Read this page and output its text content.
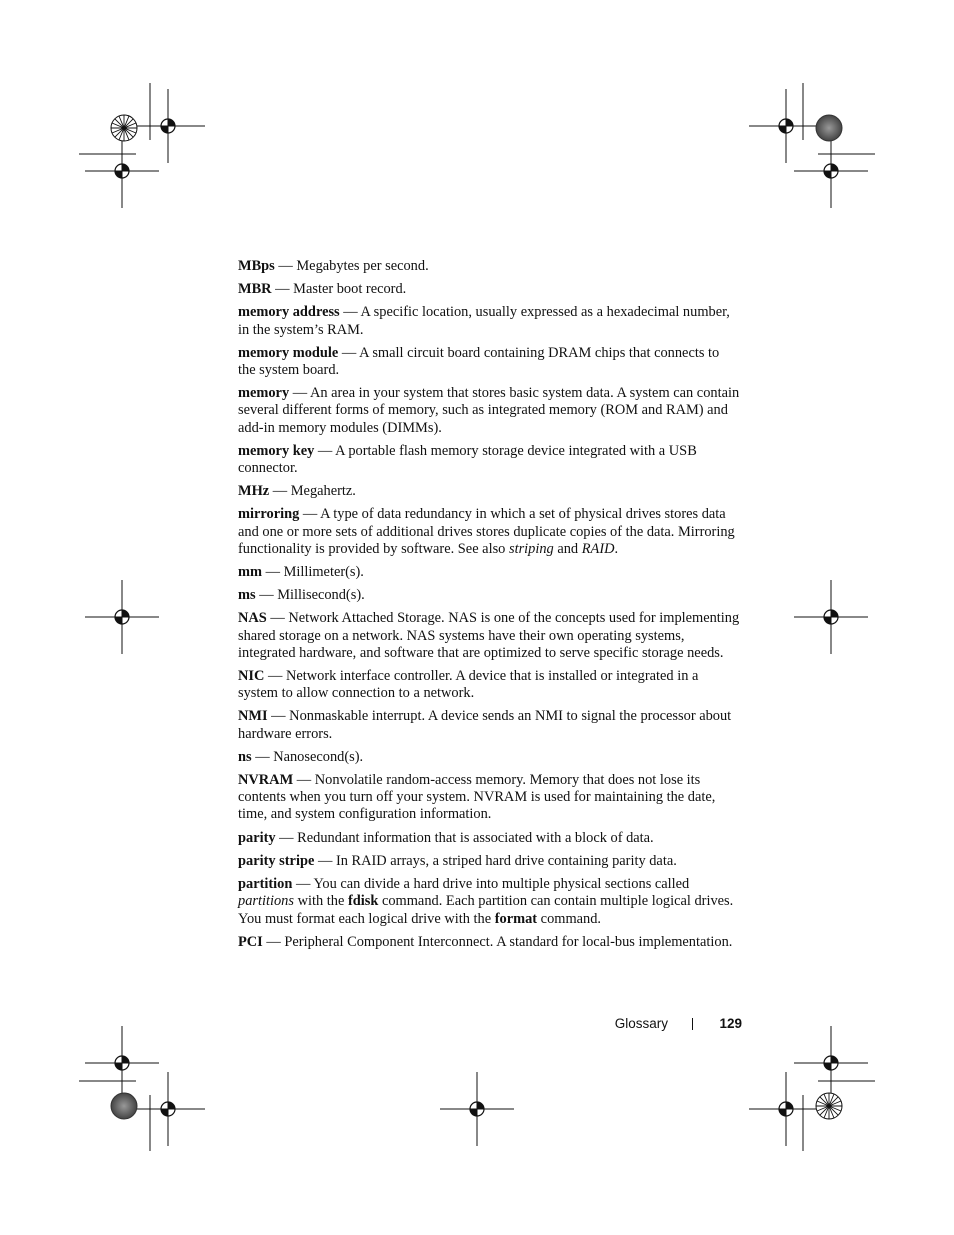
MBps — Megabytes per second.

MBR — Master boot record.

memory address — A specific location, usually expressed as a hexadecimal number, in the system’s RAM.

memory module — A small circuit board containing DRAM chips that connects to the system board.

memory — An area in your system that stores basic system data. A system can contain several different forms of memory, such as integrated memory (ROM and RAM) and add-in memory modules (DIMMs).

memory key — A portable flash memory storage device integrated with a USB connector.

MHz — Megahertz.

mirroring — A type of data redundancy in which a set of physical drives stores data and one or more sets of additional drives stores duplicate copies of the data. Mirroring functionality is provided by software. See also striping and RAID.

mm — Millimeter(s).

ms — Millisecond(s).

NAS — Network Attached Storage. NAS is one of the concepts used for implementing shared storage on a network. NAS systems have their own operating systems, integrated hardware, and software that are optimized to serve specific storage needs.

NIC — Network interface controller. A device that is installed or integrated in a system to allow connection to a network.

NMI — Nonmaskable interrupt. A device sends an NMI to signal the processor about hardware errors.

ns — Nanosecond(s).

NVRAM — Nonvolatile random-access memory. Memory that does not lose its contents when you turn off your system. NVRAM is used for maintaining the date, time, and system configuration information.

parity — Redundant information that is associated with a block of data.

parity stripe — In RAID arrays, a striped hard drive containing parity data.

partition — You can divide a hard drive into multiple physical sections called partitions with the fdisk command. Each partition can contain multiple logical drives. You must format each logical drive with the format command.

PCI — Peripheral Component Interconnect. A standard for local-bus implementation.

Glossary	129
